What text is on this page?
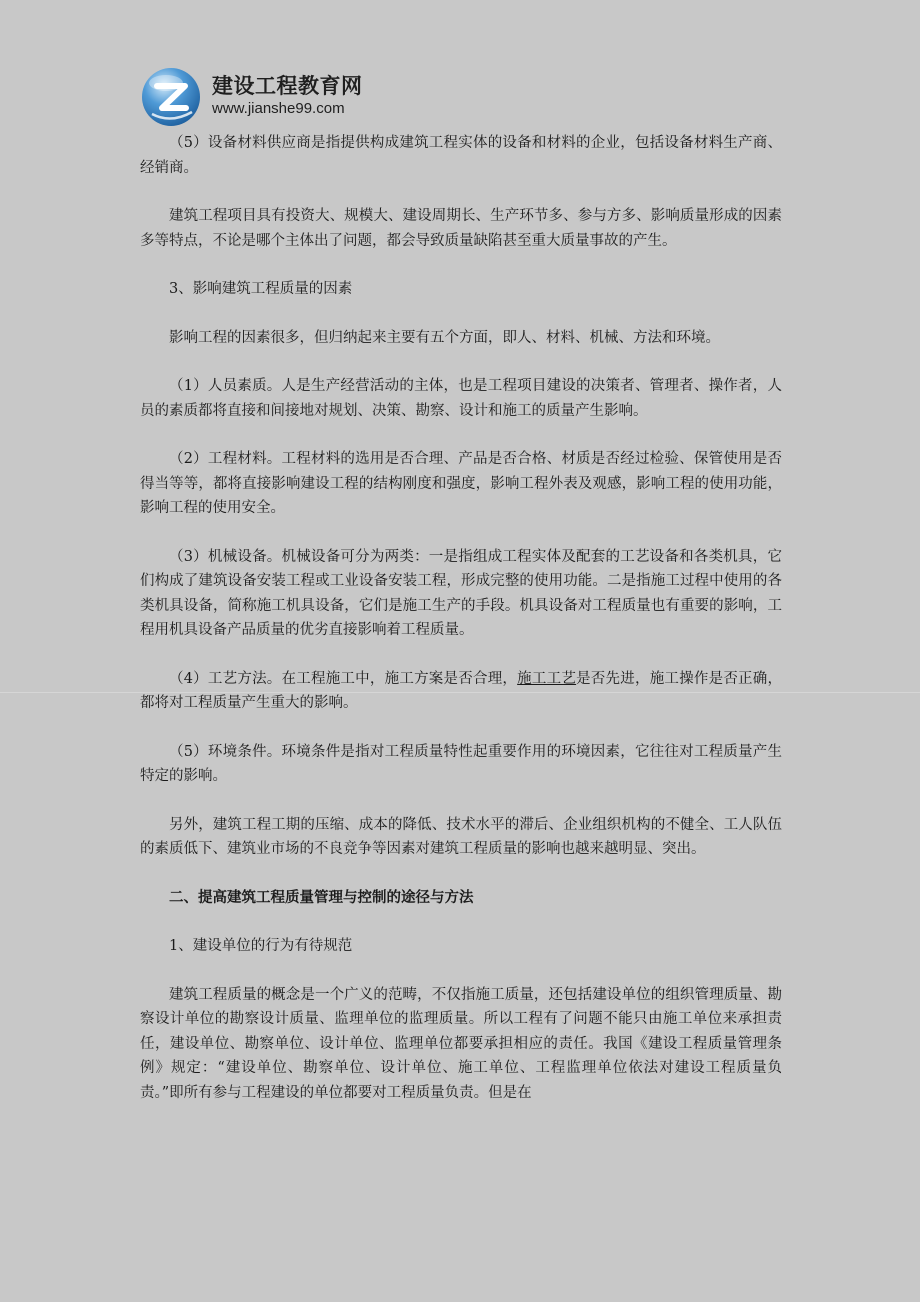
建设工程教育网
www.jianshe99.com

（5）设备材料供应商是指提供构成建筑工程实体的设备和材料的企业，包括设备材料生产商、经销商。

建筑工程项目具有投资大、规模大、建设周期长、生产环节多、参与方多、影响质量形成的因素多等特点，不论是哪个主体出了问题，都会导致质量缺陷甚至重大质量事故的产生。

3、影响建筑工程质量的因素

影响工程的因素很多，但归纳起来主要有五个方面，即人、材料、机械、方法和环境。

（1）人员素质。人是生产经营活动的主体，也是工程项目建设的决策者、管理者、操作者，人员的素质都将直接和间接地对规划、决策、勘察、设计和施工的质量产生影响。

（2）工程材料。工程材料的选用是否合理、产品是否合格、材质是否经过检验、保管使用是否得当等等，都将直接影响建设工程的结构刚度和强度，影响工程外表及观感，影响工程的使用功能，影响工程的使用安全。

（3）机械设备。机械设备可分为两类：一是指组成工程实体及配套的工艺设备和各类机具，它们构成了建筑设备安装工程或工业设备安装工程，形成完整的使用功能。二是指施工过程中使用的各类机具设备，简称施工机具设备，它们是施工生产的手段。机具设备对工程质量也有重要的影响，工程用机具设备产品质量的优劣直接影响着工程质量。

（4）工艺方法。在工程施工中，施工方案是否合理，施工工艺是否先进，施工操作是否正确，都将对工程质量产生重大的影响。

（5）环境条件。环境条件是指对工程质量特性起重要作用的环境因素，它往往对工程质量产生特定的影响。

另外，建筑工程工期的压缩、成本的降低、技术水平的滞后、企业组织机构的不健全、工人队伍的素质低下、建筑业市场的不良竞争等因素对建筑工程质量的影响也越来越明显、突出。

二、提高建筑工程质量管理与控制的途径与方法

1、建设单位的行为有待规范

建筑工程质量的概念是一个广义的范畴，不仅指施工质量，还包括建设单位的组织管理质量、勘察设计单位的勘察设计质量、监理单位的监理质量。所以工程有了问题不能只由施工单位来承担责任，建设单位、勘察单位、设计单位、监理单位都要承担相应的责任。我国《建设工程质量管理条例》规定：“建设单位、勘察单位、设计单位、施工单位、工程监理单位依法对建设工程质量负责。”即所有参与工程建设的单位都要对工程质量负责。但是在
